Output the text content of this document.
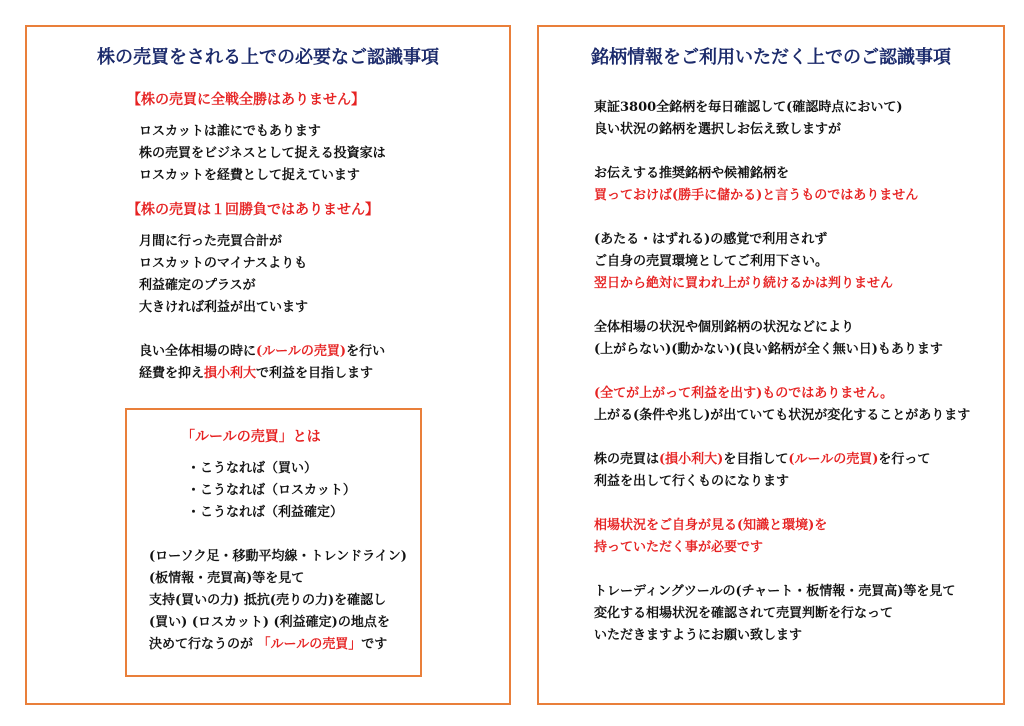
株の売買をされる上での必要なご認識事項
【株の売買に全戦全勝はありません】
ロスカットは誰にでもあります
株の売買をビジネスとして捉える投資家は
ロスカットを経費として捉えています
【株の売買は１回勝負ではありません】
月間に行った売買合計が
ロスカットのマイナスよりも
利益確定のプラスが
大きければ利益が出ています
良い全体相場の時に(ルールの売買)を行い
経費を抑え損小利大で利益を目指します
「ルールの売買」とは
・こうなれば（買い）
・こうなれば（ロスカット）
・こうなれば（利益確定）
(ローソク足・移動平均線・トレンドライン)
(板情報・売買高)等を見て
支持(買いの力) 抵抗(売りの力)を確認し
(買い) (ロスカット) (利益確定)の地点を
決めて行なうのが 「ルールの売買」です
銘柄情報をご利用いただく上でのご認識事項
東証3800全銘柄を毎日確認して(確認時点において)
良い状況の銘柄を選択しお伝え致しますが
お伝えする推奨銘柄や候補銘柄を
買っておけば(勝手に儲かる)と言うものではありません
(あたる・はずれる)の感覚で利用されず
ご自身の売買環境としてご利用下さい。
翌日から絶対に買われ上がり続けるかは判りません
全体相場の状況や個別銘柄の状況などにより
(上がらない)(動かない)(良い銘柄が全く無い日)もあります
(全てが上がって利益を出す)ものではありません。
上がる(条件や兆し)が出ていても状況が変化することがあります
株の売買は(損小利大)を目指して(ルールの売買)を行って
利益を出して行くものになります
相場状況をご自身が見る(知識と環境)を
持っていただく事が必要です
トレーディングツールの(チャート・板情報・売買高)等を見て
変化する相場状況を確認されて売買判断を行なって
いただきますようにお願い致します
